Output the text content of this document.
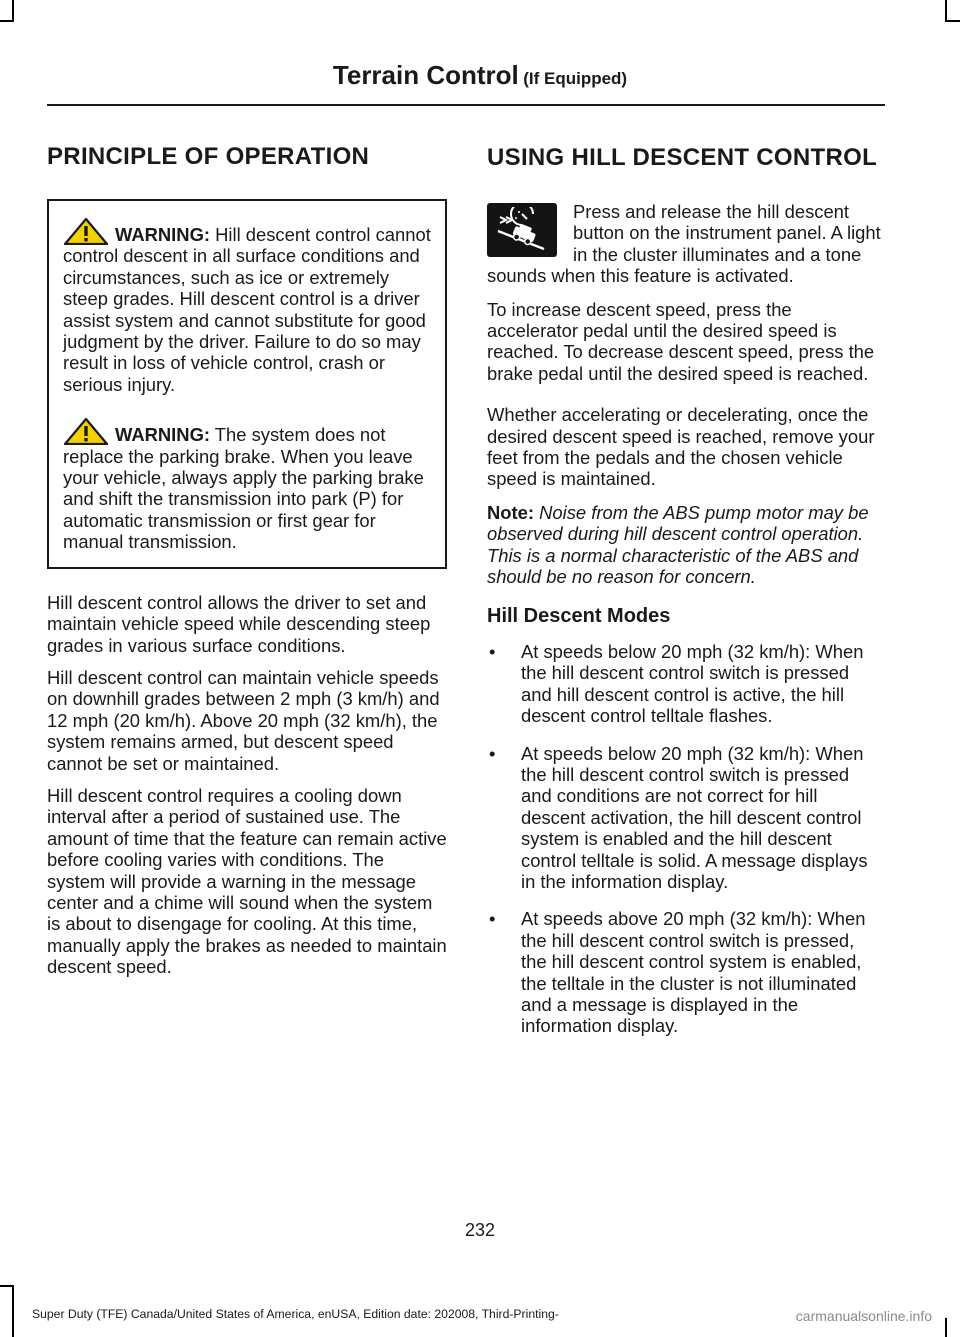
Terrain Control (If Equipped)
PRINCIPLE OF OPERATION

WARNING: Hill descent control cannot control descent in all surface conditions and circumstances, such as ice or extremely steep grades. Hill descent control is a driver assist system and cannot substitute for good judgment by the driver. Failure to do so may result in loss of vehicle control, crash or serious injury.

WARNING: The system does not replace the parking brake. When you leave your vehicle, always apply the parking brake and shift the transmission into park (P) for automatic transmission or first gear for manual transmission.

Hill descent control allows the driver to set and maintain vehicle speed while descending steep grades in various surface conditions.

Hill descent control can maintain vehicle speeds on downhill grades between 2 mph (3 km/h) and 12 mph (20 km/h). Above 20 mph (32 km/h), the system remains armed, but descent speed cannot be set or maintained.

Hill descent control requires a cooling down interval after a period of sustained use. The amount of time that the feature can remain active before cooling varies with conditions. The system will provide a warning in the message center and a chime will sound when the system is about to disengage for cooling. At this time, manually apply the brakes as needed to maintain descent speed.

USING HILL DESCENT CONTROL

Press and release the hill descent button on the instrument panel. A light in the cluster illuminates and a tone sounds when this feature is activated.

To increase descent speed, press the accelerator pedal until the desired speed is reached. To decrease descent speed, press the brake pedal until the desired speed is reached.

Whether accelerating or decelerating, once the desired descent speed is reached, remove your feet from the pedals and the chosen vehicle speed is maintained.

Note: Noise from the ABS pump motor may be observed during hill descent control operation. This is a normal characteristic of the ABS and should be no reason for concern.

Hill Descent Modes
• At speeds below 20 mph (32 km/h): When the hill descent control switch is pressed and hill descent control is active, the hill descent control telltale flashes.
• At speeds below 20 mph (32 km/h): When the hill descent control switch is pressed and conditions are not correct for hill descent activation, the hill descent control system is enabled and the hill descent control telltale is solid. A message displays in the information display.
• At speeds above 20 mph (32 km/h): When the hill descent control switch is pressed, the hill descent control system is enabled, the telltale in the cluster is not illuminated and a message is displayed in the information display.
232
Super Duty (TFE) Canada/United States of America, enUSA, Edition date: 202008, Third-Printing-	carmanualsonline.info
